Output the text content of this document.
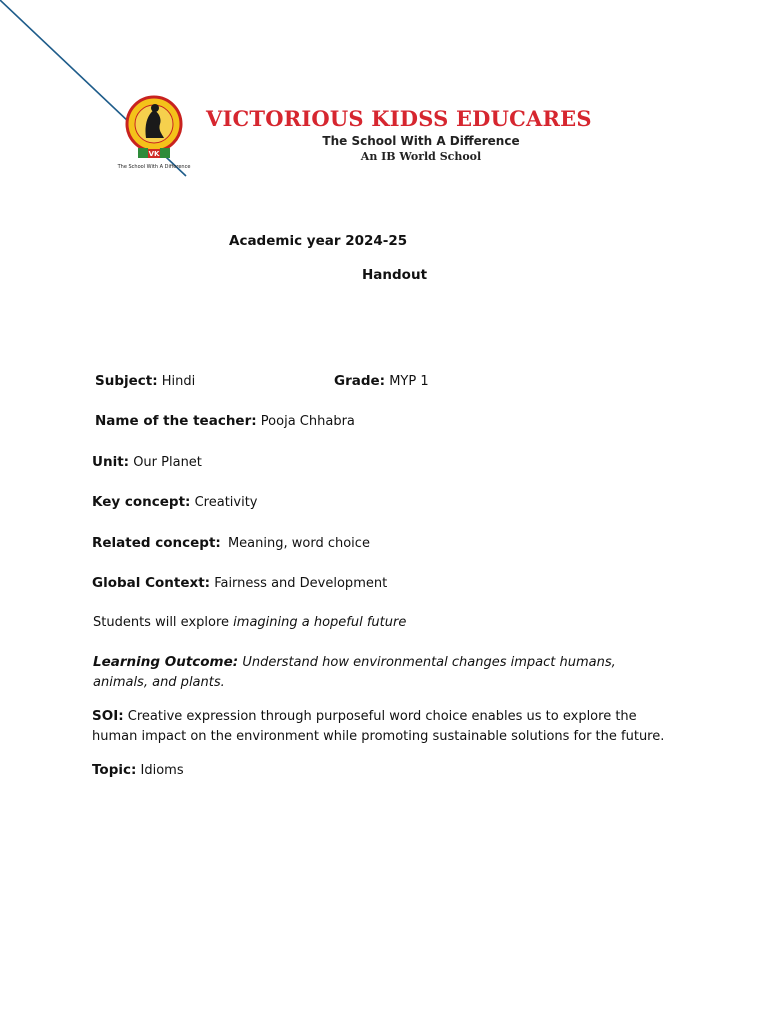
VK
The School With A Difference
VICTORIOUS KIDSS EDUCARES
The School With A Difference
An IB World School
Academic year 2024-25
Handout
Subject: Hindi	Grade: MYP 1
Name of the teacher: Pooja Chhabra
Unit: Our Planet
Key concept: Creativity
Related concept: Meaning, word choice
Global Context: Fairness and Development
Students will explore imagining a hopeful future
Learning Outcome: Understand how environmental changes impact humans, animals, and plants.
SOI: Creative expression through purposeful word choice enables us to explore the human impact on the environment while promoting sustainable solutions for the future.
Topic: Idioms
